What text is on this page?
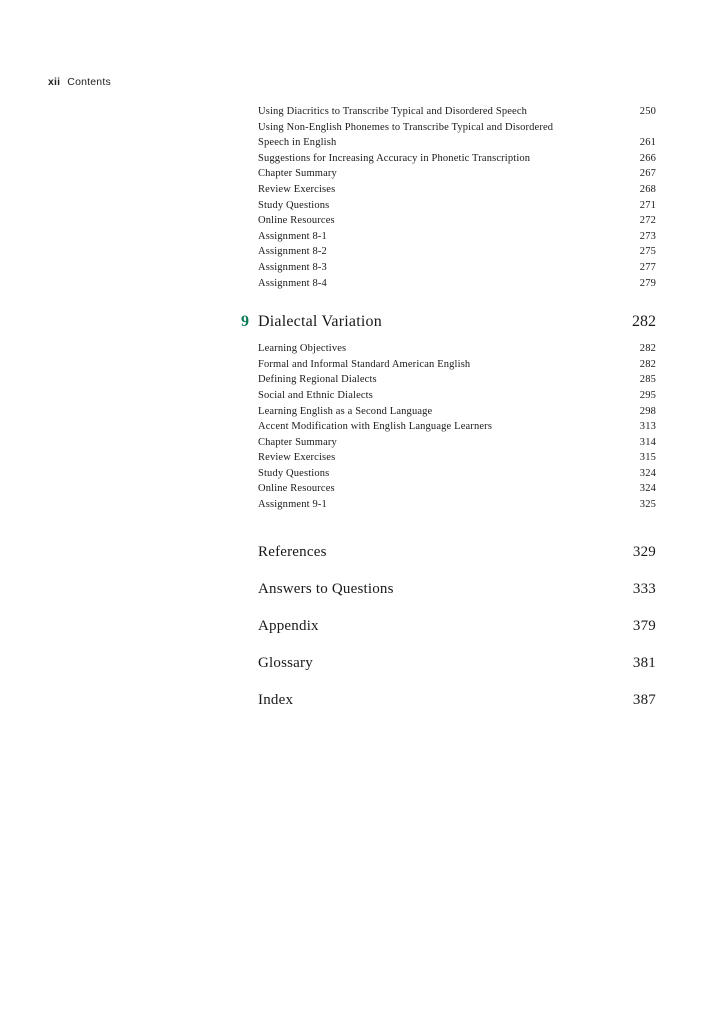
xii Contents
Using Diacritics to Transcribe Typical and Disordered Speech	250
Using Non-English Phonemes to Transcribe Typical and Disordered
Speech in English	261
Suggestions for Increasing Accuracy in Phonetic Transcription	266
Chapter Summary	267
Review Exercises	268
Study Questions	271
Online Resources	272
Assignment 8-1	273
Assignment 8-2	275
Assignment 8-3	277
Assignment 8-4	279
9 Dialectal Variation	282
Learning Objectives	282
Formal and Informal Standard American English	282
Defining Regional Dialects	285
Social and Ethnic Dialects	295
Learning English as a Second Language	298
Accent Modification with English Language Learners	313
Chapter Summary	314
Review Exercises	315
Study Questions	324
Online Resources	324
Assignment 9-1	325
References	329
Answers to Questions	333
Appendix	379
Glossary	381
Index	387
